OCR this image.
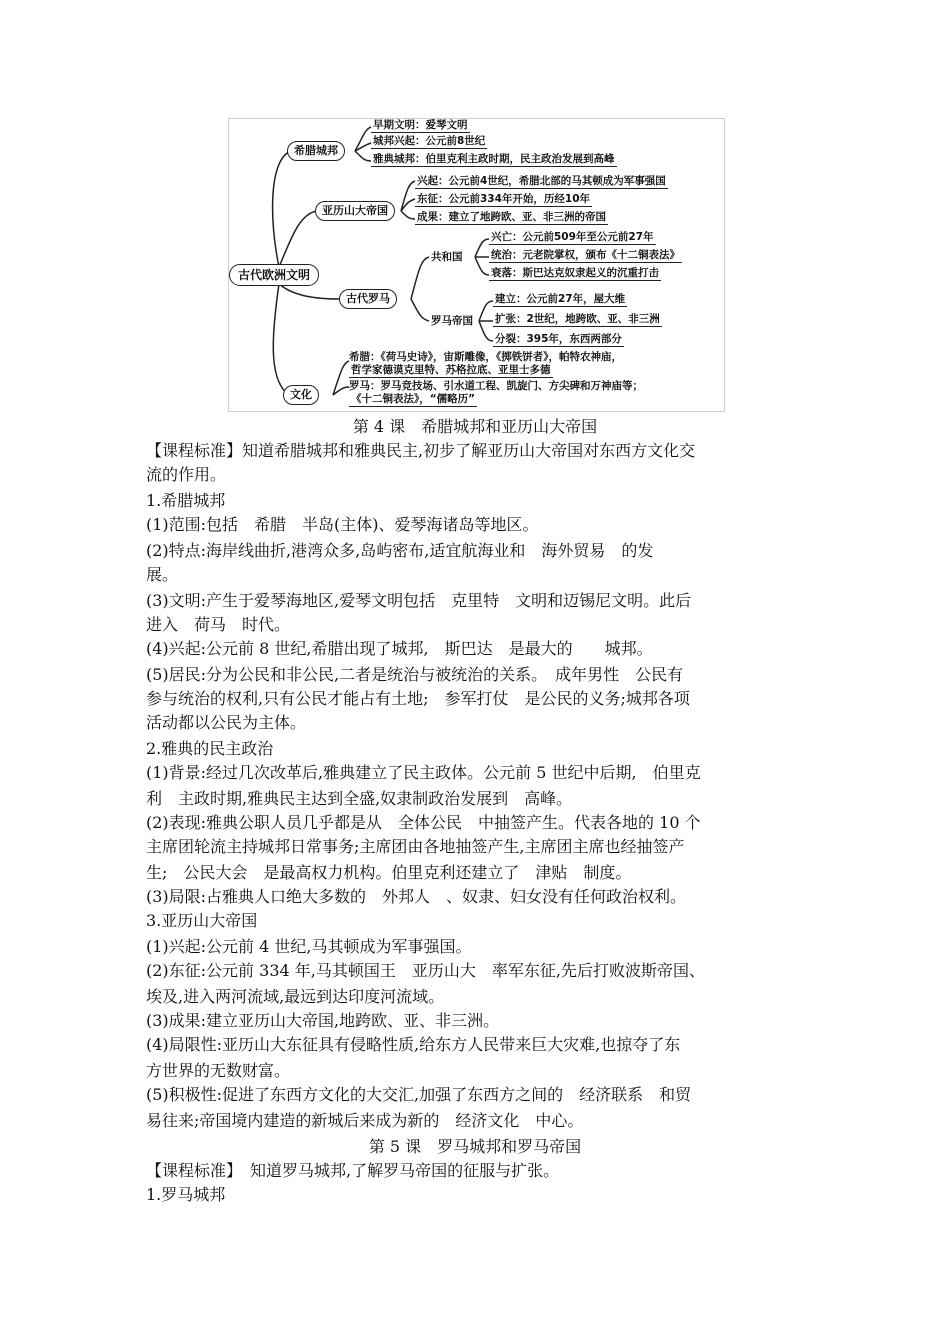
古代欧洲文明
希腊城邦
早期文明：爱琴文明
城邦兴起：公元前8世纪
雅典城邦：伯里克利主政时期，民主政治发展到高峰
亚历山大帝国
兴起：公元前4世纪，希腊北部的马其顿成为军事强国
东征：公元前334年开始，历经10年
成果：建立了地跨欧、亚、非三洲的帝国
古代罗马
共和国
兴亡：公元前509年至公元前27年
统治：元老院掌权，颁布《十二铜表法》
衰落：斯巴达克奴隶起义的沉重打击
罗马帝国
建立：公元前27年，屋大维
扩张：2世纪，地跨欧、亚、非三洲
分裂：395年，东西两部分
文化
希腊：《荷马史诗》，宙斯雕像，《掷铁饼者》，帕特农神庙，
哲学家德谟克里特、苏格拉底、亚里士多德
罗马：罗马竞技场、引水道工程、凯旋门、方尖碑和万神庙等；
《十二铜表法》，“儒略历”
第 4 课　希腊城邦和亚历山大帝国
【课程标准】知道希腊城邦和雅典民主,初步了解亚历山大帝国对东西方文化交
流的作用。
1.希腊城邦
(1)范围:包括　希腊　半岛(主体)、爱琴海诸岛等地区。
(2)特点:海岸线曲折,港湾众多,岛屿密布,适宜航海业和　海外贸易　的发
展。
(3)文明:产生于爱琴海地区,爱琴文明包括　克里特　文明和迈锡尼文明。此后
进入　荷马　时代。
(4)兴起:公元前 8 世纪,希腊出现了城邦,　斯巴达　是最大的　　城邦。
(5)居民:分为公民和非公民,二者是统治与被统治的关系。　成年男性　公民有
参与统治的权利,只有公民才能占有土地;　参军打仗　是公民的义务;城邦各项
活动都以公民为主体。
2.雅典的民主政治
(1)背景:经过几次改革后,雅典建立了民主政体。公元前 5 世纪中后期,　伯里克
利　主政时期,雅典民主达到全盛,奴隶制政治发展到　高峰。
(2)表现:雅典公职人员几乎都是从　全体公民　中抽签产生。代表各地的 10 个
主席团轮流主持城邦日常事务;主席团由各地抽签产生,主席团主席也经抽签产
生;　公民大会　是最高权力机构。伯里克利还建立了　津贴　制度。
(3)局限:占雅典人口绝大多数的　外邦人　、奴隶、妇女没有任何政治权利。
3.亚历山大帝国
(1)兴起:公元前 4 世纪,马其顿成为军事强国。
(2)东征:公元前 334 年,马其顿国王　亚历山大　率军东征,先后打败波斯帝国、
埃及,进入两河流域,最远到达印度河流域。
(3)成果:建立亚历山大帝国,地跨欧、亚、非三洲。
(4)局限性:亚历山大东征具有侵略性质,给东方人民带来巨大灾难,也掠夺了东
方世界的无数财富。
(5)积极性:促进了东西方文化的大交汇,加强了东西方之间的　经济联系　和贸
易往来;帝国境内建造的新城后来成为新的　经济文化　中心。
第 5 课　罗马城邦和罗马帝国
【课程标准】　知道罗马城邦,了解罗马帝国的征服与扩张。
1.罗马城邦
